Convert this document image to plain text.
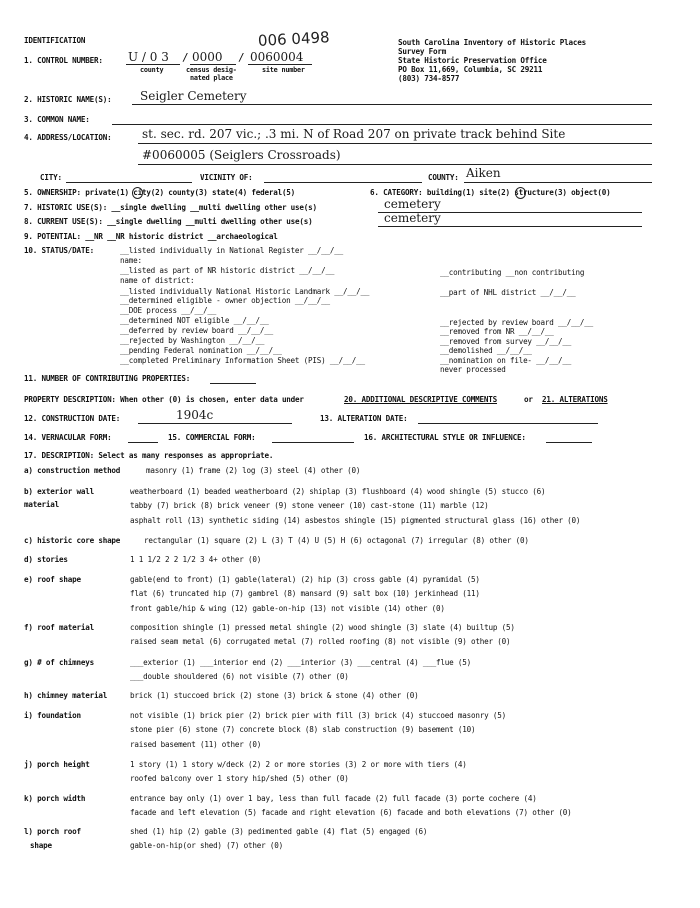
IDENTIFICATION	006 0498	South Carolina Inventory of Historic Places
Survey Form
State Historic Preservation Office
PO Box 11,669, Columbia, SC 29211
(803) 734-8577
1. CONTROL NUMBER: U / 0 3 / 0000 / 0060004
county	census desig-
nated place
site number
2. HISTORIC NAME(S): Seigler Cemetery
3. COMMON NAME:
4. ADDRESS/LOCATION:	st. sec. rd. 207 vic.; .3 mi. N of Road 207 on private track behind Site
#0060005 (Seiglers Crossroads)
CITY:	VICINITY OF:	COUNTY: Aiken
5. OWNERSHIP: private(1) city(2) county(3) state(4) federal(5)	6. CATEGORY: building(1) site(2) structure(3) object(0)
7. HISTORIC USE(S): __single dwelling __multi dwelling other use(s)	cemetery
8. CURRENT USE(S): __single dwelling __multi dwelling other use(s)	cemetery
9. POTENTIAL: __NR __NR historic district __archaeological
10. STATUS/DATE:	__listed individually in National Register __/__/__
name:
__listed as part of NR historic district __/__/__
name of district:
__listed individually National Historic Landmark __/__/__
__determined eligible - owner objection __/__/__
__DOE process __/__/__
__determined NOT eligible __/__/__
__deferred by review board __/__/__
__rejected by Washington __/__/__
__pending Federal nomination __/__/__
__completed Preliminary Information Sheet (PIS) __/__/__
__contributing __non contributing
__part of NHL district __/__/__
__rejected by review board __/__/__
__removed from NR __/__/__
__removed from survey __/__/__
__demolished __/__/__
__nomination on file- __/__/__
never processed
11. NUMBER OF CONTRIBUTING PROPERTIES:
PROPERTY DESCRIPTION: When other (0) is chosen, enter data under	20. ADDITIONAL DESCRIPTIVE COMMENTS	or 21. ALTERATIONS
12. CONSTRUCTION DATE:	1904c	13. ALTERATION DATE:
14. VERNACULAR FORM:	15. COMMERCIAL FORM:	16. ARCHITECTURAL STYLE OR INFLUENCE:
17. DESCRIPTION: Select as many responses as appropriate.
a) construction method	masonry (1) frame (2) log (3) steel (4) other (0)
b) exterior wall
material
weatherboard (1) beaded weatherboard (2) shiplap (3) flushboard (4) wood shingle (5) stucco (6)
tabby (7) brick (8) brick veneer (9) stone veneer (10) cast-stone (11) marble (12)
asphalt roll (13) synthetic siding (14) asbestos shingle (15) pigmented structural glass (16) other (0)
c) historic core shape	rectangular (1) square (2) L (3) T (4) U (5) H (6) octagonal (7) irregular (8) other (0)
d) stories	1 1 1/2 2 2 1/2 3 4+ other (0)
e) roof shape	gable(end to front) (1) gable(lateral) (2) hip (3) cross gable (4) pyramidal (5)
flat (6) truncated hip (7) gambrel (8) mansard (9) salt box (10) jerkinhead (11)
front gable/hip & wing (12) gable-on-hip (13) not visible (14) other (0)
f) roof material	composition shingle (1) pressed metal shingle (2) wood shingle (3) slate (4) builtup (5)
raised seam metal (6) corrugated metal (7) rolled roofing (8) not visible (9) other (0)
g) # of chimneys	___exterior (1) ___interior end (2) ___interior (3) ___central (4) ___flue (5)
___double shouldered (6) not visible (7) other (0)
h) chimney material	brick (1) stuccoed brick (2) stone (3) brick & stone (4) other (0)
i) foundation	not visible (1) brick pier (2) brick pier with fill (3) brick (4) stuccoed masonry (5)
stone pier (6) stone (7) concrete block (8) slab construction (9) basement (10)
raised basement (11) other (0)
j) porch height	1 story (1) 1 story w/deck (2) 2 or more stories (3) 2 or more with tiers (4)
roofed balcony over 1 story hip/shed (5) other (0)
k) porch width	entrance bay only (1) over 1 bay, less than full facade (2) full facade (3) porte cochere (4)
facade and left elevation (5) facade and right elevation (6) facade and both elevations (7) other (0)
l) porch roof
shape
shed (1) hip (2) gable (3) pedimented gable (4) flat (5) engaged (6)
gable-on-hip(or shed) (7) other (0)
